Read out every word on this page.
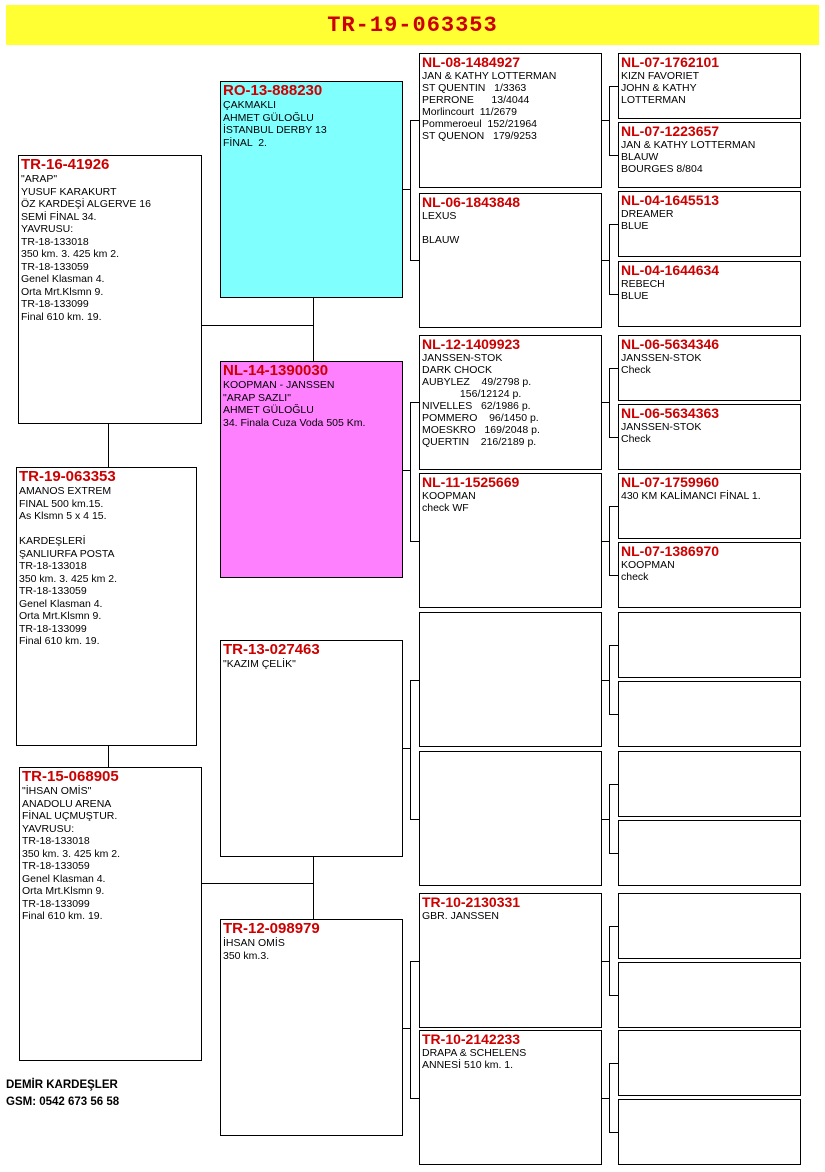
TR-19-063353
TR-16-41926
"ARAP"
YUSUF KARAKURT
ÖZ KARDEŞİ ALGERVE 16
SEMİ FİNAL 34.
YAVRUSU:
TR-18-133018
350 km. 3. 425 km 2.
TR-18-133059
Genel Klasman 4.
Orta Mrt.Klsmn 9.
TR-18-133099
Final 610 km. 19.
TR-19-063353
AMANOS EXTREM
FINAL 500 km.15.
As Klsmn 5 x 4 15.

KARDEŞLERİ
ŞANLIURFA POSTA
TR-18-133018
350 km. 3. 425 km 2.
TR-18-133059
Genel Klasman 4.
Orta Mrt.Klsmn 9.
TR-18-133099
Final 610 km. 19.
TR-15-068905
"İHSAN OMİS"
ANADOLU ARENA
FİNAL UÇMUŞTUR.
YAVRUSU:
TR-18-133018
350 km. 3. 425 km 2.
TR-18-133059
Genel Klasman 4.
Orta Mrt.Klsmn 9.
TR-18-133099
Final 610 km. 19.
RO-13-888230
ÇAKMAKLI
AHMET GÜLOĞLU
İSTANBUL DERBY 13
FİNAL  2.
NL-14-1390030
KOOPMAN - JANSSEN
"ARAP SAZLI"
AHMET GÜLOĞLU
34. Finala Cuza Voda 505 Km.
TR-13-027463
"KAZIM ÇELİK"
TR-12-098979
İHSAN OMİS
350 km.3.
NL-08-1484927
JAN & KATHY LOTTERMAN
ST QUENTIN   1/3363
PERRONE      13/4044
Morlincourt  11/2679
Pommeroeul  152/21964
ST QUENON   179/9253
NL-06-1843848
LEXUS

BLAUW
NL-12-1409923
JANSSEN-STOK
DARK CHOCK
AUBYLEZ    49/2798 p.
156/12124 p.
NIVELLES   62/1986 p.
POMMERO    96/1450 p.
MOESKRO   169/2048 p.
QUERTIN    216/2189 p.
NL-11-1525669
KOOPMAN
check WF
TR-10-2130331
GBR. JANSSEN
TR-10-2142233
DRAPA & SCHELENS
ANNESİ 510 km. 1.
NL-07-1762101
KIZN FAVORIET
JOHN & KATHY
LOTTERMAN
NL-07-1223657
JAN & KATHY LOTTERMAN
BLAUW
BOURGES 8/804
NL-04-1645513
DREAMER
BLUE
NL-04-1644634
REBECH
BLUE
NL-06-5634346
JANSSEN-STOK
Check
NL-06-5634363
JANSSEN-STOK
Check
NL-07-1759960
430 KM KALİMANCI FİNAL 1.
NL-07-1386970
KOOPMAN
check
DEMİR KARDEŞLER
GSM: 0542 673 56 58
